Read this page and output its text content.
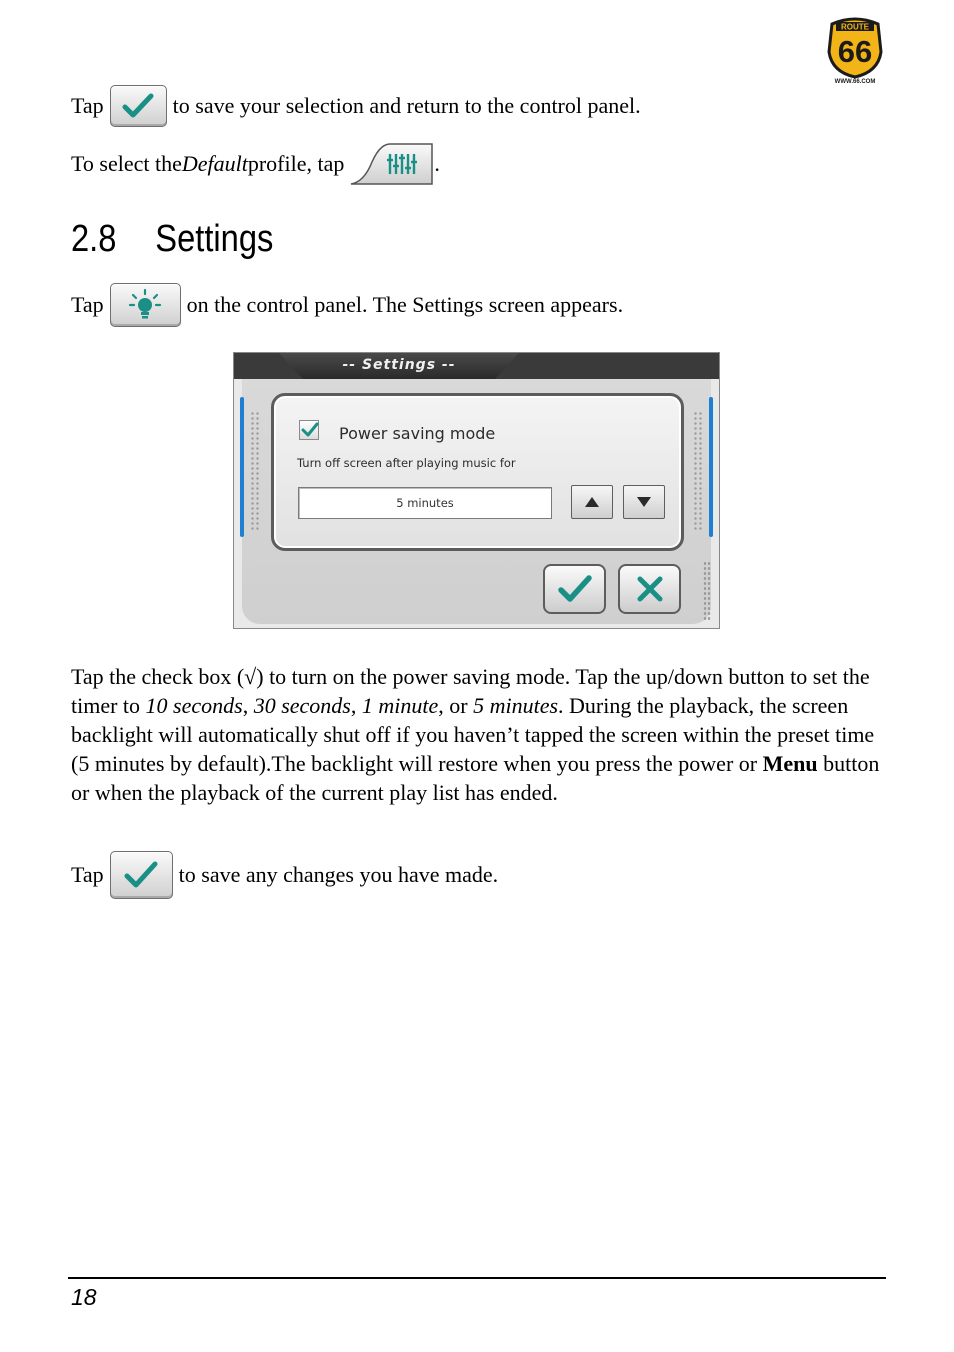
ROUTE
66
WWW.66.COM
Tap	to save your selection and return to the control panel.
To select the Default profile, tap	.
2.8	Settings
Tap	on the control panel. The Settings screen appears.
-- Settings --
Power saving mode
Turn off screen after playing music for
5 minutes
Tap the check box (√) to turn on the power saving mode. Tap the up/down button to set the timer to 10 seconds, 30 seconds, 1 minute, or 5 minutes. During the playback, the screen backlight will automatically shut off if you haven’t tapped the screen within the preset time (5 minutes by default).The backlight will restore when you press the power or Menu button or when the playback of the current play list has ended.
Tap	to save any changes you have made.
18
